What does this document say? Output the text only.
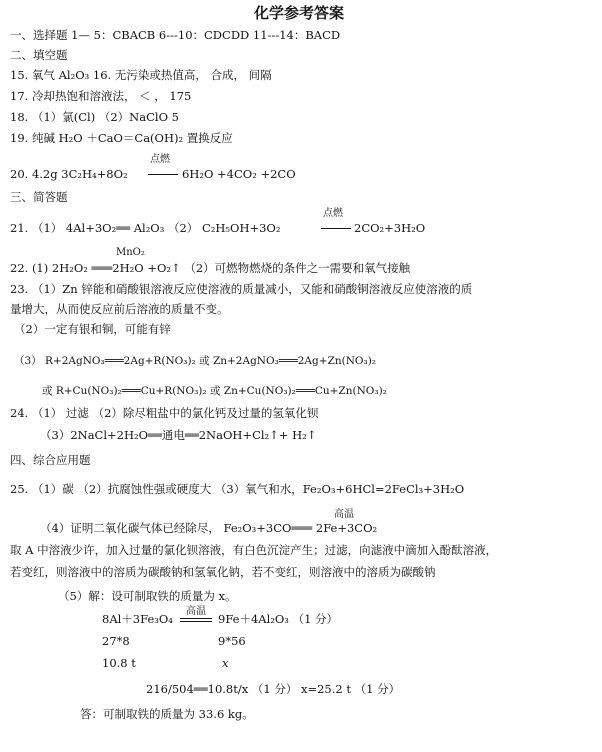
化学参考答案
一、选择题 1— 5：CBACB 6---10：CDCDD 11---14：BACD
二、填空题
15. 氧气 Al₂O₃ 16. 无污染或热值高， 合成， 间隔
17. 冷却热饱和溶液法， ＜ ， 175
18. （1）氯(Cl) （2）NaClO 5
19. 纯碱 H₂O ＋CaO＝Ca(OH)₂ 置换反应
点燃
20. 4.2g 3C₂H₄+8O₂	6H₂O +4CO₂ +2CO
三、简答题
点燃
21. （1） 4Al+3O₂══ Al₂O₃ （2） C₂H₅OH+3O₂	2CO₂+3H₂O
MnO₂
22. (1) 2H₂O₂ ═══2H₂O +O₂↑ （2）可燃物燃烧的条件之一需要和氧气接触
23. （1）Zn 锌能和硝酸银溶液反应使溶液的质量减小，又能和硝酸铜溶液反应使溶液的质
量增大，从而使反应前后溶液的质量不变。
（2）一定有银和铜，可能有锌
（3） R+2AgNO₃═══2Ag+R(NO₃)₂ 或 Zn+2AgNO₃═══2Ag+Zn(NO₃)₂
或 R+Cu(NO₃)₂═══Cu+R(NO₃)₂ 或 Zn+Cu(NO₃)₂═══Cu+Zn(NO₃)₂
24. （1） 过滤 （2）除尽粗盐中的氯化钙及过量的氢氧化钡
（3）2NaCl+2H₂O══通电══2NaOH+Cl₂↑+ H₂↑
四、综合应用题
25. （1）碳 （2）抗腐蚀性强或硬度大 （3）氧气和水，Fe₂O₃+6HCl=2FeCl₃+3H₂O
高温
（4）证明二氧化碳气体已经除尽， Fe₂O₃+3CO═══ 2Fe+3CO₂
取 A 中溶液少许，加入过量的氯化钡溶液，有白色沉淀产生；过滤，向滤液中滴加入酚酞溶液，
若变红，则溶液中的溶质为碳酸钠和氢氧化钠，若不变红，则溶液中的溶质为碳酸钠
（5）解：设可制取铁的质量为 x。
高温
8Al＋3Fe₃O₄	9Fe＋4Al₂O₃ （1 分）
27*8	9*56
10.8 t	x
216/504══10.8t/x （1 分） x=25.2 t （1 分）
答：可制取铁的质量为 33.6 kg。
